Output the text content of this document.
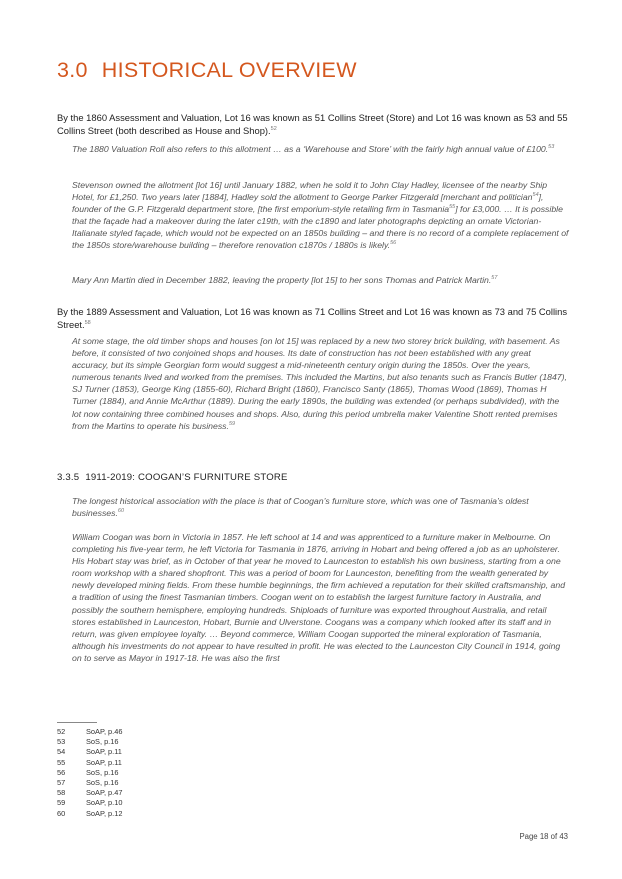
3.0 HISTORICAL OVERVIEW

By the 1860 Assessment and Valuation, Lot 16 was known as 51 Collins Street (Store) and Lot 16 was known as 53 and 55 Collins Street (both described as House and Shop).$^{52}$

The 1880 Valuation Roll also refers to this allotment … as a ‘Warehouse and Store’ with the fairly high annual value of £100.53

Stevenson owned the allotment [lot 16] until January 1882, when he sold it to John Clay Hadley, licensee of the nearby Ship Hotel, for £1,250. Two years later [1884], Hadley sold the allotment to George Parker Fitzgerald [merchant and politician$^{54}$], founder of the G.P. Fitzgerald department store, [the first emporium-style retailing firm in Tasmania$^{55}$] for £3,000. … It is possible that the façade had a makeover during the later c19th, with the c1890 and later photographs depicting an ornate Victorian-Italianate styled façade, which would not be expected on an 1850s building – and there is no record of a complete replacement of the 1850s store/warehouse building – therefore renovation c1870s / 1880s is likely.$^{56}$

Mary Ann Martin died in December 1882, leaving the property [lot 15] to her sons Thomas and Patrick Martin.$^{57}$

By the 1889 Assessment and Valuation, Lot 16 was known as 71 Collins Street and Lot 16 was known as 73 and 75 Collins Street.$^{58}$

At some stage, the old timber shops and houses [on lot 15] was replaced by a new two storey brick building, with basement. As before, it consisted of two conjoined shops and houses. Its date of construction has not been established with any great accuracy, but its simple Georgian form would suggest a mid-nineteenth century origin during the 1850s. Over the years, numerous tenants lived and worked from the premises. This included the Martins, but also tenants such as Francis Butler (1847), SJ Turner (1853), George King (1855-60), Richard Bright (1860), Francisco Santy (1865), Thomas Wood (1869), Thomas H Turner (1884), and Annie McArthur (1889). During the early 1890s, the building was extended (or perhaps subdivided), with the lot now containing three combined houses and shops. Also, during this period umbrella maker Valentine Shott rented premises from the Martins to operate his business.$^{59}$

3.3.5 1911-2019: COOGAN’S FURNITURE STORE

The longest historical association with the place is that of Coogan’s furniture store, which was one of Tasmania’s oldest businesses.$^{60}$

William Coogan was born in Victoria in 1857. He left school at 14 and was apprenticed to a furniture maker in Melbourne. On completing his five-year term, he left Victoria for Tasmania in 1876, arriving in Hobart and being offered a job as an upholsterer. His Hobart stay was brief, as in October of that year he moved to Launceston to establish his own business, starting from a one room workshop with a shared shopfront. This was a period of boom for Launceston, benefiting from the wealth generated by newly developed mining fields. From these humble beginnings, the firm achieved a reputation for their skilled craftsmanship, and a tradition of using the finest Tasmanian timbers. Coogan went on to establish the largest furniture factory in Australia, and possibly the southern hemisphere, employing hundreds. Shiploads of furniture was exported throughout Australia, and retail stores established in Launceston, Hobart, Burnie and Ulverstone. Coogans was a company which looked after its staff and in return, was given employee loyalty. … Beyond commerce, William Coogan supported the mineral exploration of Tasmania, although his investments do not appear to have resulted in profit. He was elected to the Launceston City Council in 1914, going on to serve as Mayor in 1917-18. He was also the first

52	SoAP, p.46
53	SoS, p.16
54	SoAP, p.11
55	SoAP, p.11
56	SoS, p.16
57	SoS, p.16
58	SoAP, p.47
59	SoAP, p.10
60	SoAP, p.12
Page 18 of 43
